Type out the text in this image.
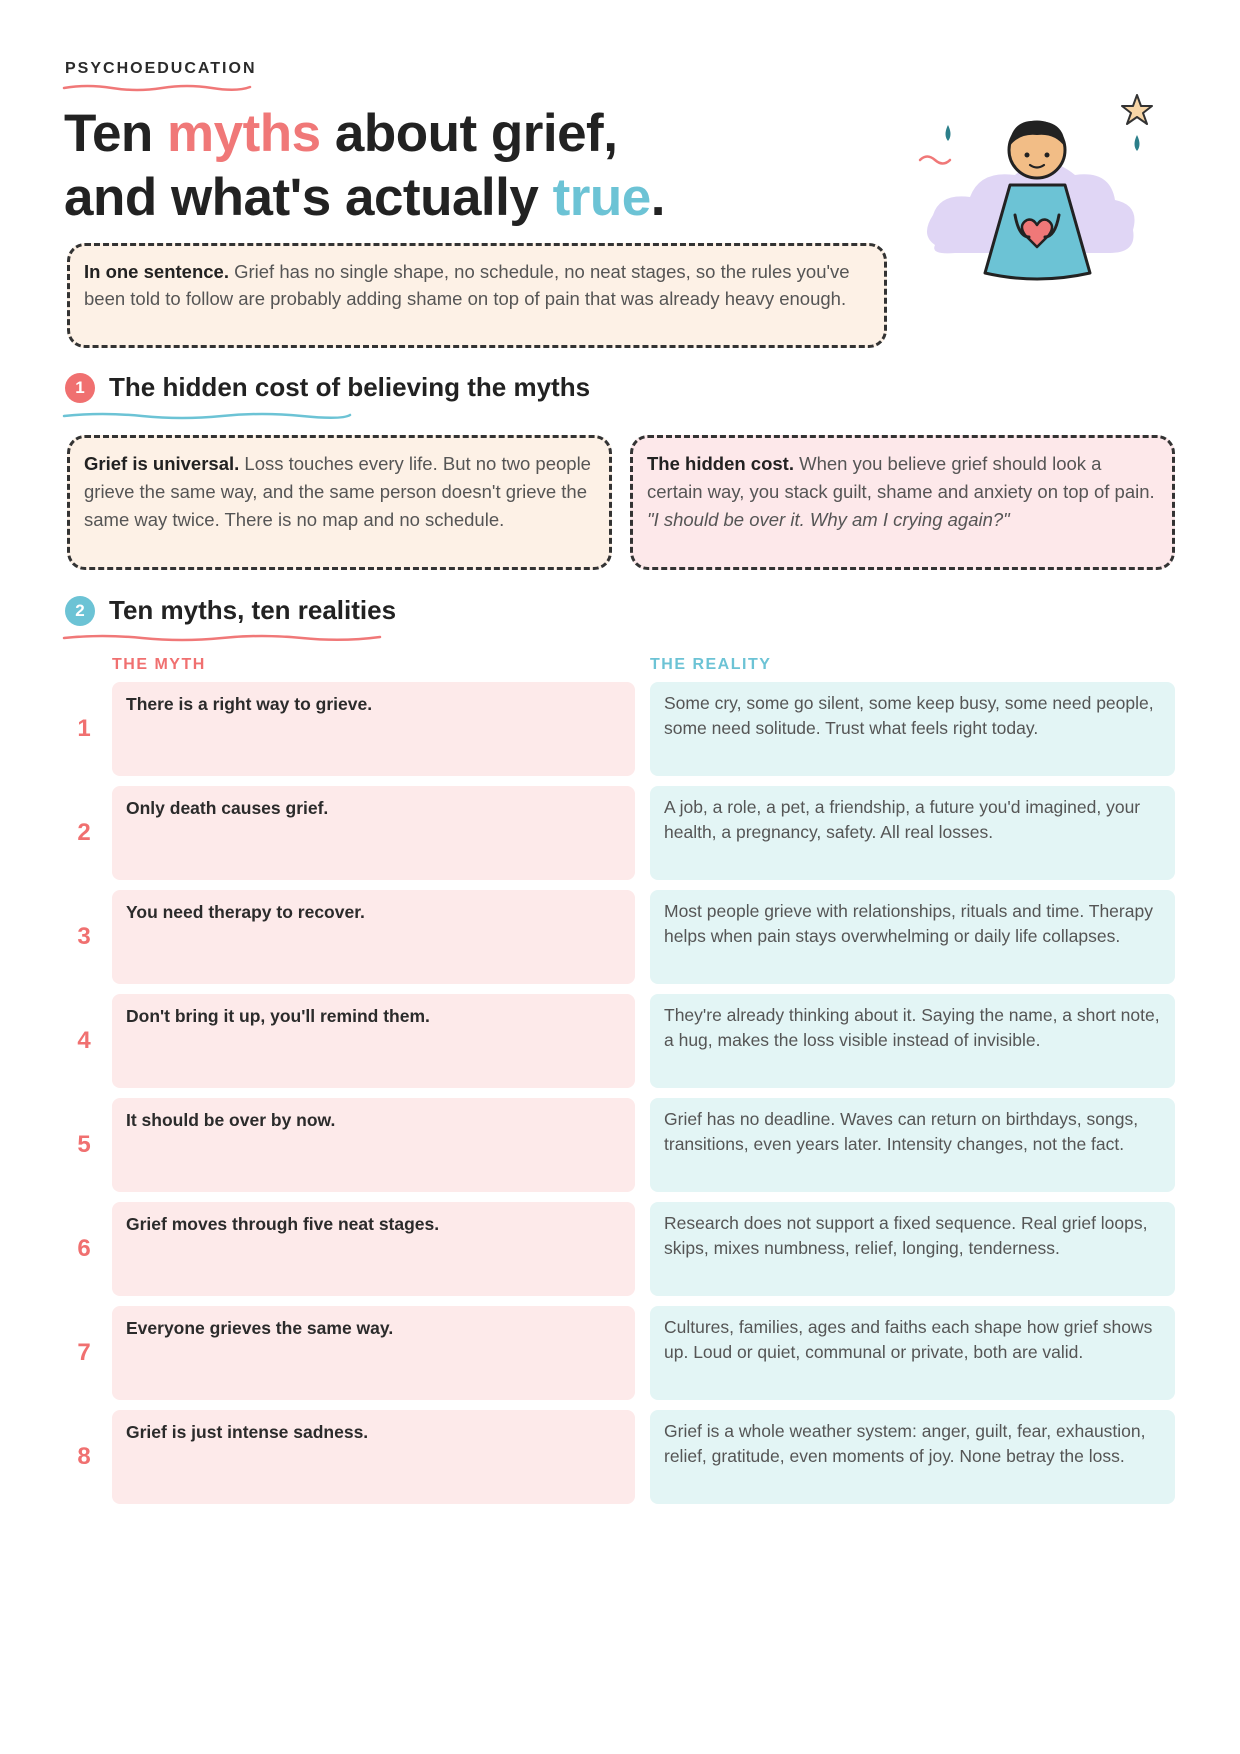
PSYCHOEDUCATION
Ten myths about grief,
and what's actually true.
In one sentence. Grief has no single shape, no schedule, no neat stages, so the rules you've been told to follow are probably adding shame on top of pain that was already heavy enough.
1 The hidden cost of believing the myths
Grief is universal. Loss touches every life. But no two people grieve the same way, and the same person doesn't grieve the same way twice. There is no map and no schedule.
The hidden cost. When you believe grief should look a certain way, you stack guilt, shame and anxiety on top of pain. "I should be over it. Why am I crying again?"
2 Ten myths, ten realities
THE MYTH	THE REALITY
1
There is a right way to grieve.	Some cry, some go silent, some keep busy, some need people, some need solitude. Trust what feels right today.
2
Only death causes grief.	A job, a role, a pet, a friendship, a future you'd imagined, your health, a pregnancy, safety. All real losses.
3
You need therapy to recover.	Most people grieve with relationships, rituals and time. Therapy helps when pain stays overwhelming or daily life collapses.
4
Don't bring it up, you'll remind them.	They're already thinking about it. Saying the name, a short note, a hug, makes the loss visible instead of invisible.
5
It should be over by now.	Grief has no deadline. Waves can return on birthdays, songs, transitions, even years later. Intensity changes, not the fact.
6
Grief moves through five neat stages.	Research does not support a fixed sequence. Real grief loops, skips, mixes numbness, relief, longing, tenderness.
7
Everyone grieves the same way.	Cultures, families, ages and faiths each shape how grief shows up. Loud or quiet, communal or private, both are valid.
8
Grief is just intense sadness.	Grief is a whole weather system: anger, guilt, fear, exhaustion, relief, gratitude, even moments of joy. None betray the loss.
